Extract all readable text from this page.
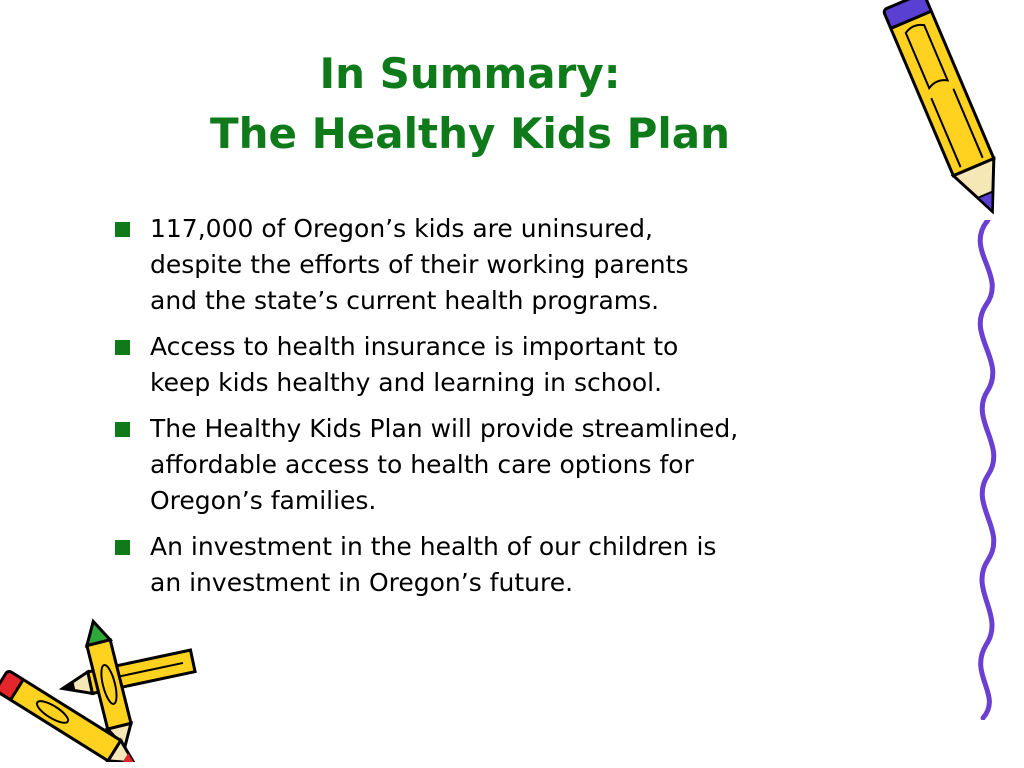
In Summary:
The Healthy Kids Plan
117,000 of Oregon’s kids are uninsured,
despite the efforts of their working parents
and the state’s current health programs.
Access to health insurance is important to
keep kids healthy and learning in school.
The Healthy Kids Plan will provide streamlined,
affordable access to health care options for
Oregon’s families.
An investment in the health of our children is
an investment in Oregon’s future.
